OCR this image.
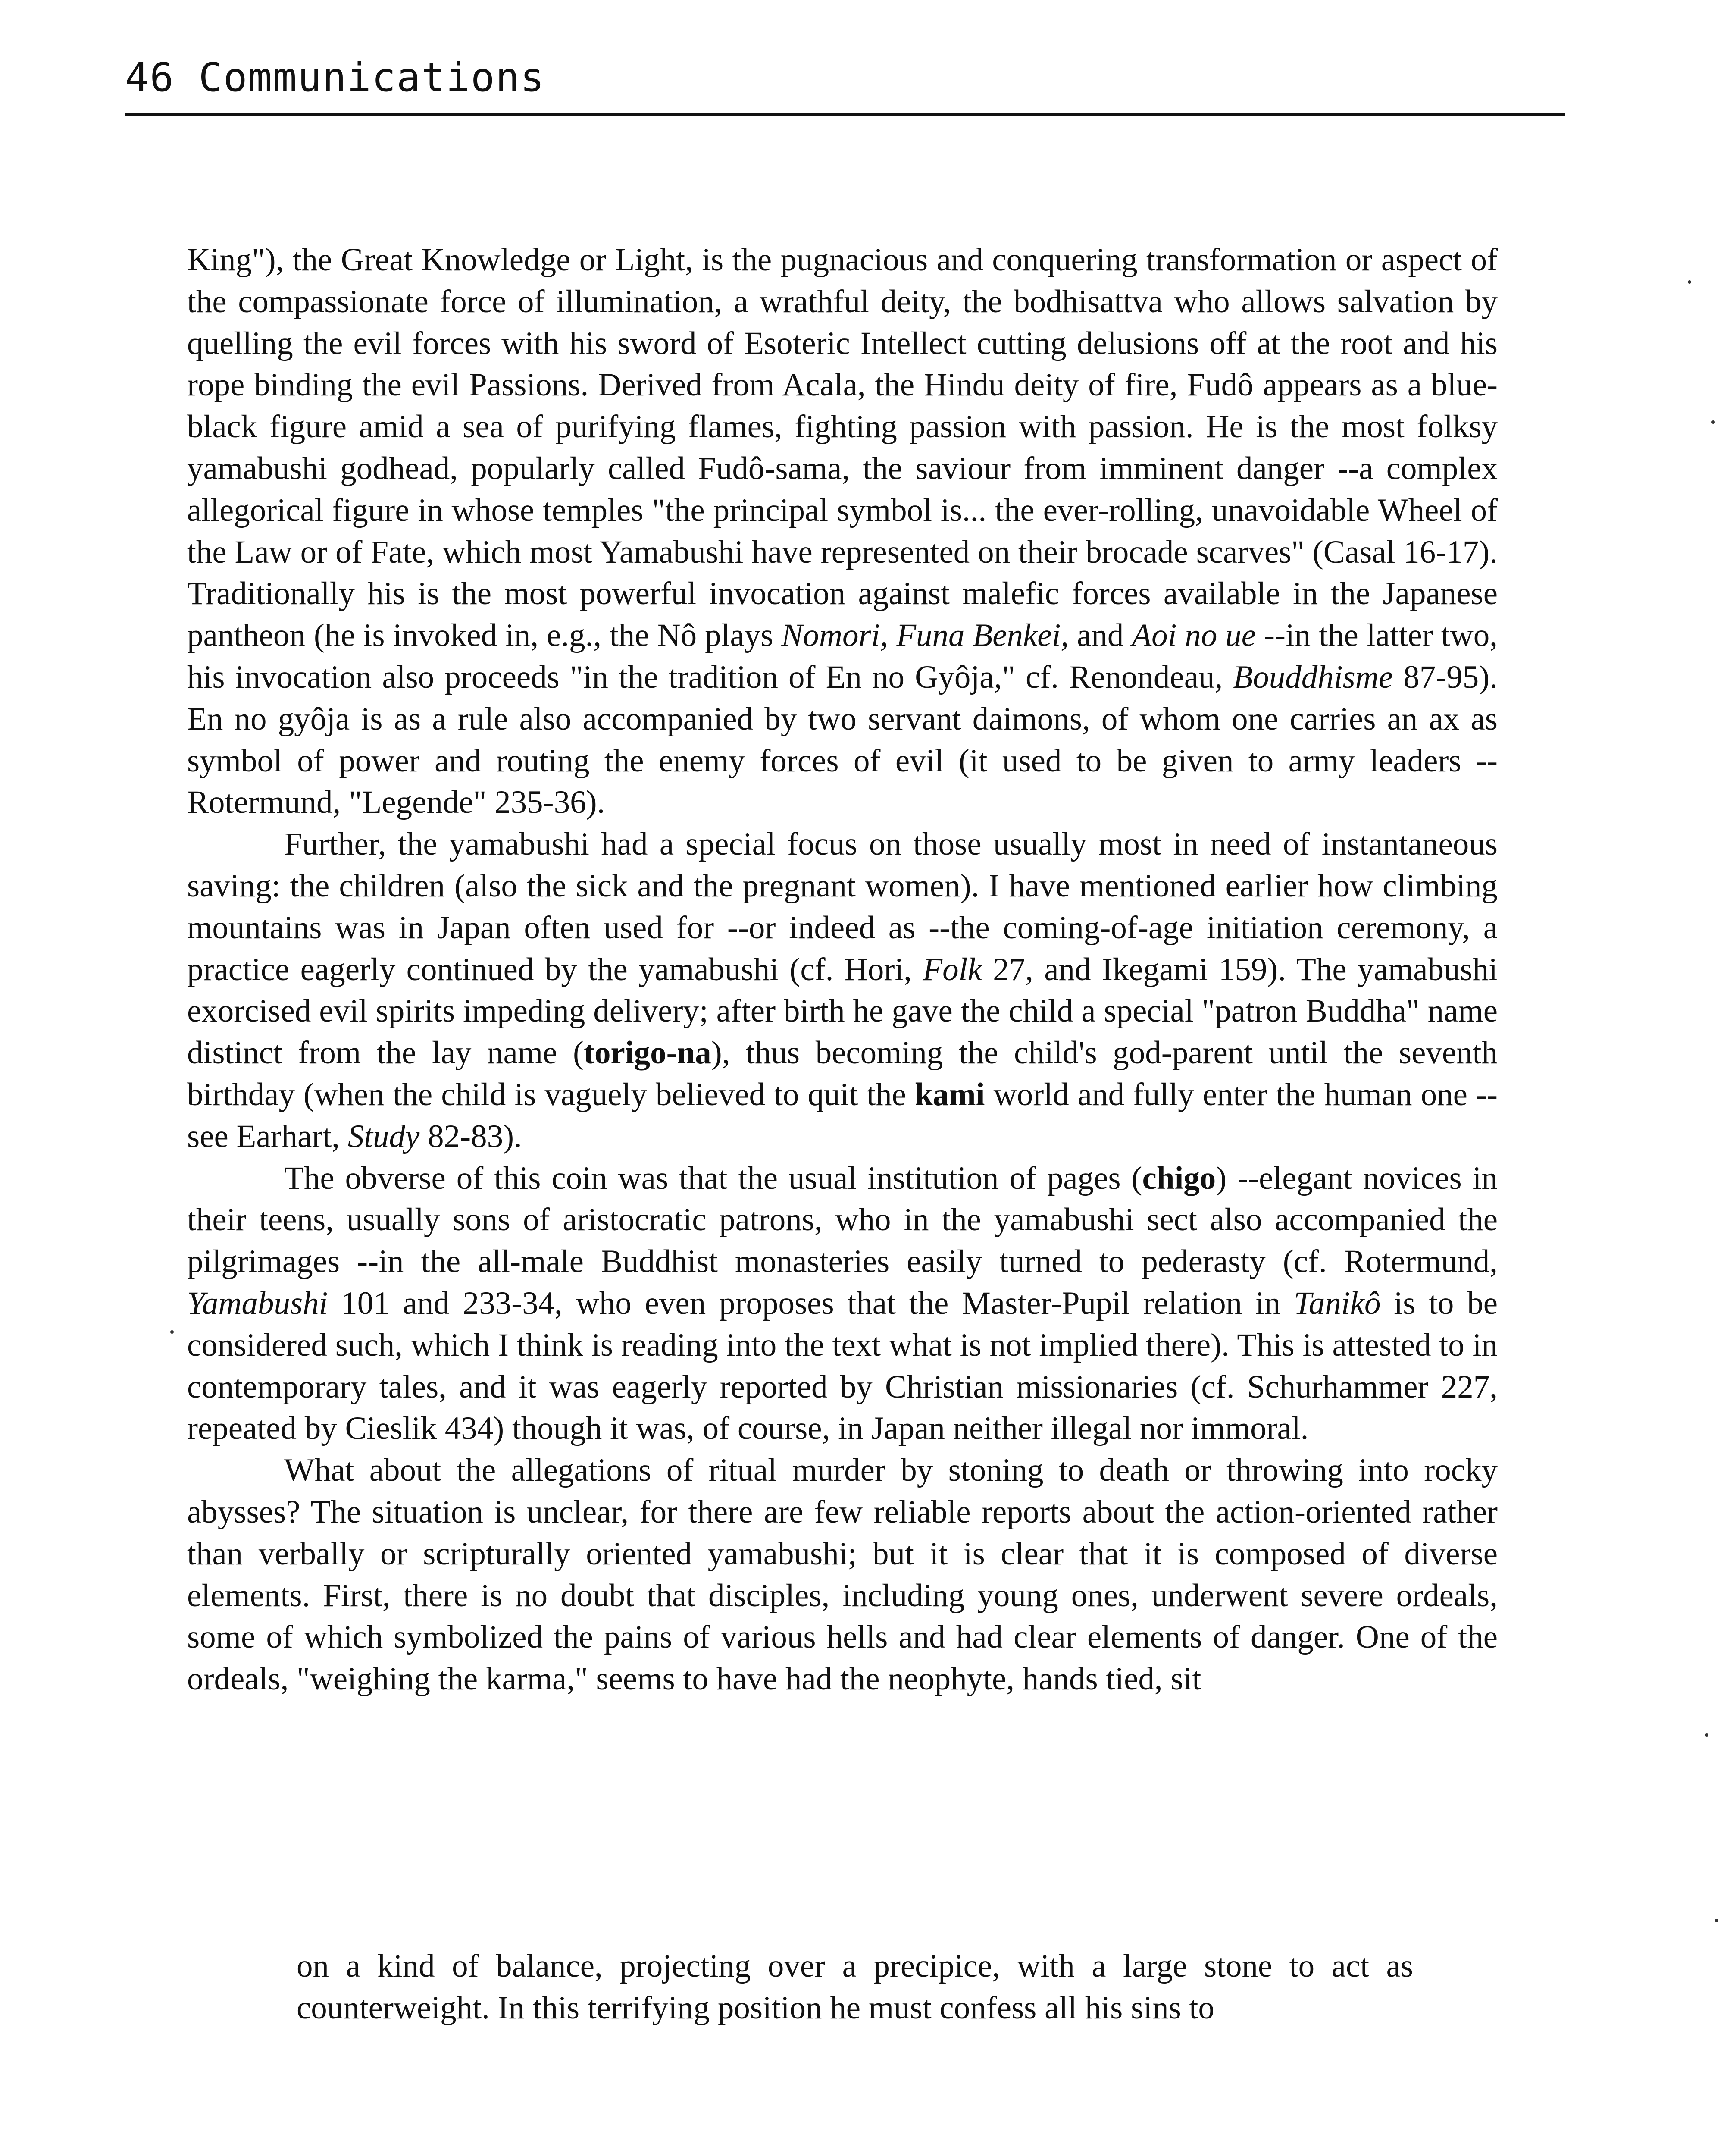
46 Communications

King"), the Great Knowledge or Light, is the pugnacious and conquering transformation or aspect of the compassionate force of illumination, a wrathful deity, the bodhisattva who allows salvation by quelling the evil forces with his sword of Esoteric Intellect cutting delusions off at the root and his rope binding the evil Passions. Derived from Acala, the Hindu deity of fire, Fudô appears as a blue-black figure amid a sea of purifying flames, fighting passion with passion. He is the most folksy yamabushi godhead, popularly called Fudô-sama, the saviour from imminent danger --a complex allegorical figure in whose temples "the principal symbol is... the ever-rolling, unavoidable Wheel of the Law or of Fate, which most Yamabushi have represented on their brocade scarves" (Casal 16-17). Traditionally his is the most powerful invocation against malefic forces available in the Japanese pantheon (he is invoked in, e.g., the Nô plays Nomori, Funa Benkei, and Aoi no ue --in the latter two, his invocation also proceeds "in the tradition of En no Gyôja," cf. Renondeau, Bouddhisme 87-95). En no gyôja is as a rule also accompanied by two servant daimons, of whom one carries an ax as symbol of power and routing the enemy forces of evil (it used to be given to army leaders --Rotermund, "Legende" 235-36).

Further, the yamabushi had a special focus on those usually most in need of instantaneous saving: the children (also the sick and the pregnant women). I have mentioned earlier how climbing mountains was in Japan often used for --or indeed as --the coming-of-age initiation ceremony, a practice eagerly continued by the yamabushi (cf. Hori, Folk 27, and Ikegami 159). The yamabushi exorcised evil spirits impeding delivery; after birth he gave the child a special "patron Buddha" name distinct from the lay name (torigo-na), thus becoming the child's god-parent until the seventh birthday (when the child is vaguely believed to quit the kami world and fully enter the human one --see Earhart, Study 82-83).

The obverse of this coin was that the usual institution of pages (chigo) --elegant novices in their teens, usually sons of aristocratic patrons, who in the yamabushi sect also accompanied the pilgrimages --in the all-male Buddhist monasteries easily turned to pederasty (cf. Rotermund, Yamabushi 101 and 233-34, who even proposes that the Master-Pupil relation in Tanikô is to be considered such, which I think is reading into the text what is not implied there). This is attested to in contemporary tales, and it was eagerly reported by Christian missionaries (cf. Schurhammer 227, repeated by Cieslik 434) though it was, of course, in Japan neither illegal nor immoral.

What about the allegations of ritual murder by stoning to death or throwing into rocky abysses? The situation is unclear, for there are few reliable reports about the action-oriented rather than verbally or scripturally oriented yamabushi; but it is clear that it is composed of diverse elements. First, there is no doubt that disciples, including young ones, underwent severe ordeals, some of which symbolized the pains of various hells and had clear elements of danger. One of the ordeals, "weighing the karma," seems to have had the neophyte, hands tied, sit

on a kind of balance, projecting over a precipice, with a large stone to act as counterweight. In this terrifying position he must confess all his sins to
